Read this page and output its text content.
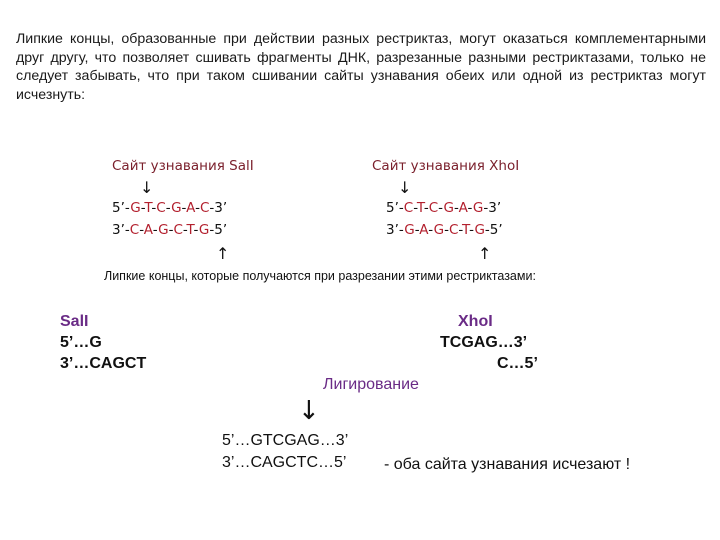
Липкие концы, образованные при действии разных рестриктаз, могут оказаться комплементарными друг другу, что позволяет сшивать фрагменты ДНК, разрезанные разными рестриктазами, только не следует забывать, что при таком сшивании сайты узнавания обеих или одной из рестриктаз могут исчезнуть:
Сайт узнавания SalI
↓
5’-G-T-C-G-A-C-3’
3’-C-A-G-C-T-G-5’
↑
Сайт узнавания XhoI
↓
5’-C-T-C-G-A-G-3’
3’-G-A-G-C-T-G-5’
↑
Липкие концы, которые получаются при разрезании этими рестриктазами:
SalI
5’…G
3’…CAGCT
XhoI
TCGAG…3’
C…5’
Лигирование
↓
5’…GTCGAG…3’
3’…CAGCTC…5’ - оба сайта узнавания исчезают !
